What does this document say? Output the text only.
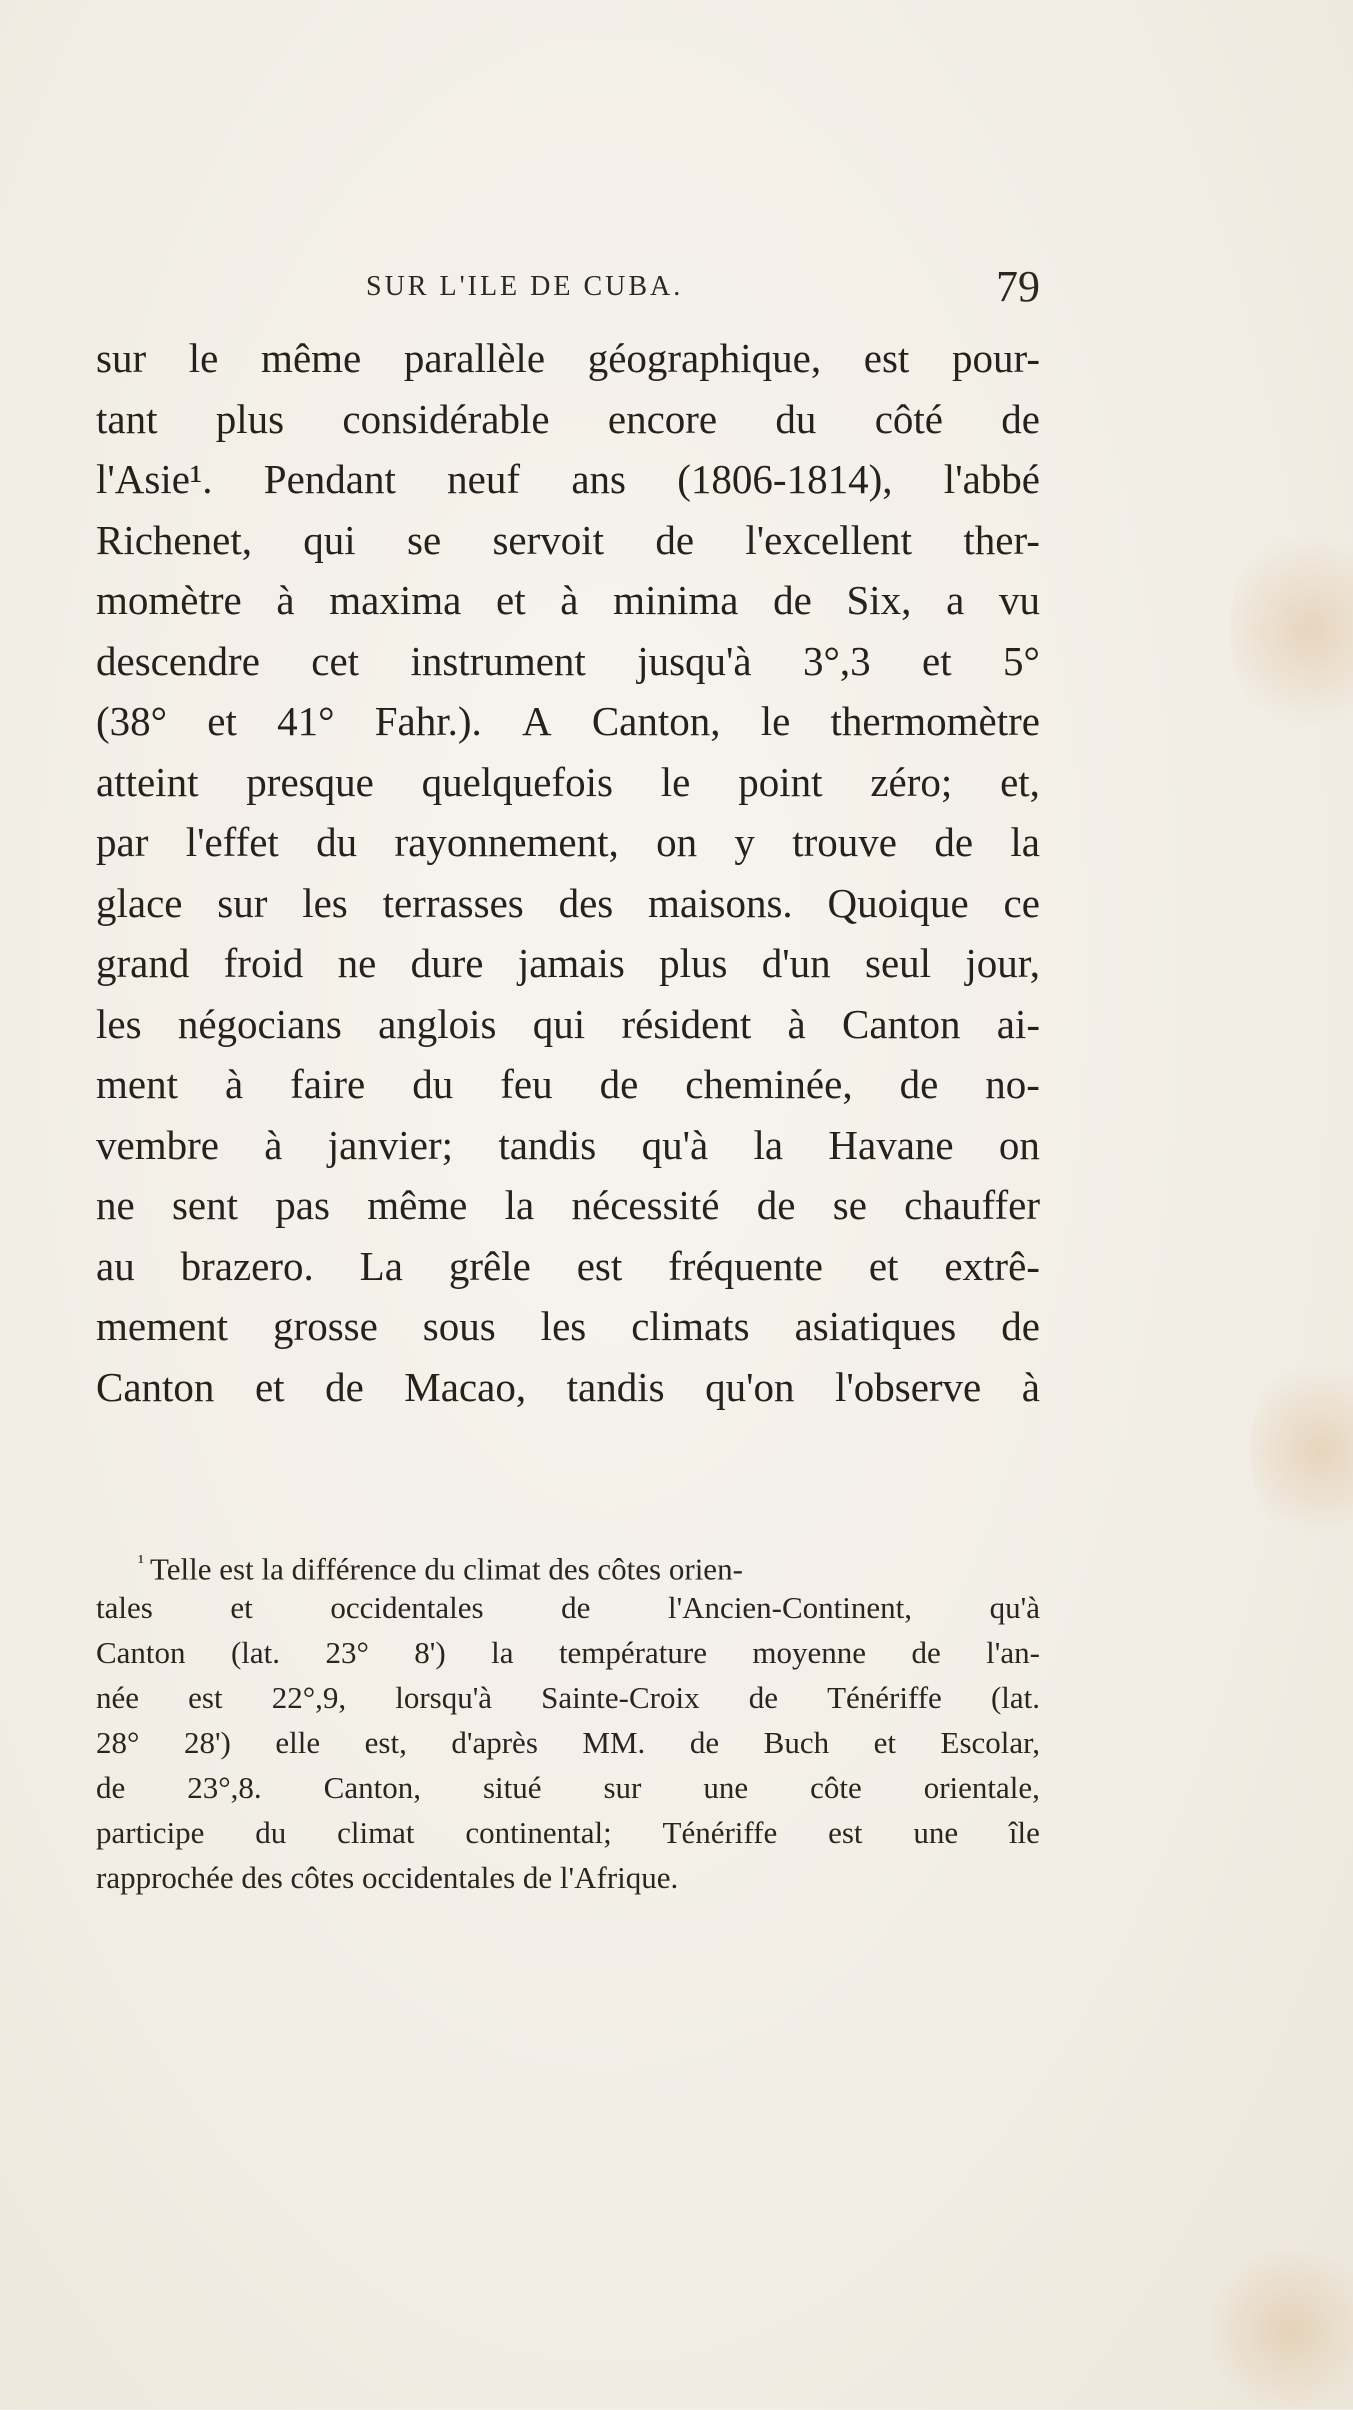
SUR L'ILE DE CUBA.	79
sur le même parallèle géographique, est pour-
tant plus considérable encore du côté de
l'Asie¹. Pendant neuf ans (1806-1814), l'abbé
Richenet, qui se servoit de l'excellent ther-
momètre à maxima et à minima de Six, a vu
descendre cet instrument jusqu'à 3°,3 et 5°
(38° et 41° Fahr.). A Canton, le thermomètre
atteint presque quelquefois le point zéro; et,
par l'effet du rayonnement, on y trouve de la
glace sur les terrasses des maisons. Quoique ce
grand froid ne dure jamais plus d'un seul jour,
les négocians anglois qui résident à Canton ai-
ment à faire du feu de cheminée, de no-
vembre à janvier; tandis qu'à la Havane on
ne sent pas même la nécessité de se chauffer
au brazero. La grêle est fréquente et extrê-
mement grosse sous les climats asiatiques de
Canton et de Macao, tandis qu'on l'observe à
$^{^1}$ Telle est la différence du climat des côtes orien-
tales	et	occidentales	de	l'Ancien-Continent,	qu'à
Canton (lat. 23° 8') la température moyenne de l'an-
née est 22°,9, lorsqu'à Sainte-Croix de Ténériffe (lat.
28° 28') elle est, d'après MM. de Buch et Escolar,
de 23°,8. Canton, situé sur une côte orientale,
participe du climat continental; Ténériffe est une île
rapprochée des côtes occidentales de l'Afrique.
